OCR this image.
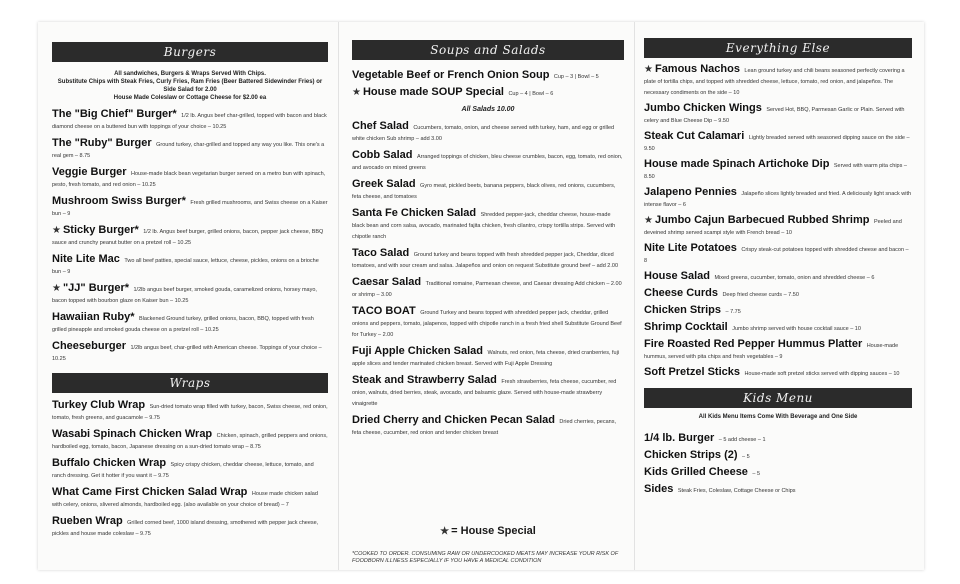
Burgers
All sandwiches, Burgers & Wraps Served With Chips.
Substitute Chips with Steak Fries, Curly Fries, Ram Fries (Beer Battered Sidewinder Fries) or Side Salad for 2.00
House Made Coleslaw or Cottage Cheese for $2.00 ea
The "Big Chief" Burger* 1/2 lb. Angus beef char-grilled, topped with bacon and black diamond cheese on a buttered bun with toppings of your choice – 10.25
The "Ruby" Burger Ground turkey, char-grilled and topped any way you like. This one's a real gem – 8.75
Veggie Burger House-made black bean vegetarian burger served on a metro bun with spinach, pesto, fresh tomato, and red onion – 10.25
Mushroom Swiss Burger* Fresh grilled mushrooms, and Swiss cheese on a Kaiser bun – 9
★ Sticky Burger* 1/2 lb. Angus beef burger, grilled onions, bacon, pepper jack cheese, BBQ sauce and crunchy peanut butter on a pretzel roll – 10.25
Nite Lite Mac Two all beef patties, special sauce, lettuce, cheese, pickles, onions on a brioche bun – 9
★ "JJ" Burger* 1/2lb angus beef burger, smoked gouda, caramelized onions, horsey mayo, bacon topped with bourbon glaze on Kaiser bun – 10.25
Hawaiian Ruby* Blackened Ground turkey, grilled onions, bacon, BBQ, topped with fresh grilled pineapple and smoked gouda cheese on a pretzel roll – 10.25
Cheeseburger 1/2lb angus beef, char-grilled with American cheese. Toppings of your choice – 10.25
Wraps
Turkey Club Wrap Sun-dried tomato wrap filled with turkey, bacon, Swiss cheese, red onion, tomato, fresh greens, and guacamole – 9.75
Wasabi Spinach Chicken Wrap Chicken, spinach, grilled peppers and onions, hardboiled egg, tomato, bacon, Japanese dressing on a sun-dried tomato wrap – 8.75
Buffalo Chicken Wrap Spicy crispy chicken, cheddar cheese, lettuce, tomato, and ranch dressing. Get it hotter if you want it – 9.75
What Came First Chicken Salad Wrap House made chicken salad with celery, onions, slivered almonds, hardboiled egg. (also available on your choice of bread) – 7
Rueben Wrap Grilled corned beef, 1000 island dressing, smothered with pepper jack cheese, pickles and house made coleslaw – 9.75
Soups and Salads
Vegetable Beef or French Onion Soup Cup – 3 | Bowl – 5
★ House made SOUP Special Cup – 4 | Bowl – 6
All Salads 10.00
Chef Salad Cucumbers, tomato, onion, and cheese served with turkey, ham, and egg or grilled white chicken Sub shrimp – add 3.00
Cobb Salad Arranged toppings of chicken, bleu cheese crumbles, bacon, egg, tomato, red onion, and avocado on mixed greens
Greek Salad Gyro meat, pickled beets, banana peppers, black olives, red onions, cucumbers, feta cheese, and tomatoes
Santa Fe Chicken Salad Shredded pepper-jack, cheddar cheese, house-made black bean and corn salsa, avocado, marinated fajita chicken, fresh cilantro, crispy tortilla strips. Served with chipotle ranch
Taco Salad Ground turkey and beans topped with fresh shredded pepper jack, Cheddar, diced tomatoes, and with sour cream and salsa. Jalapeños and onion on request Substitute ground beef – add 2.00
Caesar Salad Traditional romaine, Parmesan cheese, and Caesar dressing Add chicken – 2.00 or shrimp – 3.00
TACO BOAT Ground Turkey and beans topped with shredded pepper jack, cheddar, grilled onions and peppers, tomato, jalapenos, topped with chipotle ranch in a fresh fried shell Substitute Ground Beef for Turkey – 2.00
Fuji Apple Chicken Salad Walnuts, red onion, feta cheese, dried cranberries, fuji apple slices and tender marinated chicken breast. Served with Fuji Apple Dressing
Steak and Strawberry Salad Fresh strawberries, feta cheese, cucumber, red onion, walnuts, dried berries, steak, avocado, and balsamic glaze. Served with house-made strawberry vinaigrette
Dried Cherry and Chicken Pecan Salad Dried cherries, pecans, feta cheese, cucumber, red onion and tender chicken breast
★ = House Special
*COOKED TO ORDER. CONSUMING RAW OR UNDERCOOKED MEATS MAY INCREASE YOUR RISK OF FOODBORN ILLNESS ESPECIALLY IF YOU HAVE A MEDICAL CONDITION
Everything Else
★ Famous Nachos Lean ground turkey and chili beans seasoned perfectly covering a plate of tortilla chips, and topped with shredded cheese, lettuce, tomato, red onion, and jalapeños. The necessary condiments on the side – 10
Jumbo Chicken Wings Served Hot, BBQ, Parmesan Garlic or Plain. Served with celery and Blue Cheese Dip – 9.50
Steak Cut Calamari Lightly breaded served with seasoned dipping sauce on the side – 9.50
House made Spinach Artichoke Dip Served with warm pita chips – 8.50
Jalapeno Pennies Jalapeño slices lightly breaded and fried. A deliciously light snack with intense flavor – 6
★ Jumbo Cajun Barbecued Rubbed Shrimp Peeled and deveined shrimp served scampi style with French bread – 10
Nite Lite Potatoes Crispy steak-cut potatoes topped with shredded cheese and bacon – 8
House Salad Mixed greens, cucumber, tomato, onion and shredded cheese – 6
Cheese Curds Deep fried cheese curds – 7.50
Chicken Strips – 7.75
Shrimp Cocktail Jumbo shrimp served with house cocktail sauce – 10
Fire Roasted Red Pepper Hummus Platter House-made hummus, served with pita chips and fresh vegetables – 9
Soft Pretzel Sticks House-made soft pretzel sticks served with dipping sauces – 10
Kids Menu
All Kids Menu Items Come With Beverage and One Side
1/4 lb. Burger – 5 add cheese – 1
Chicken Strips (2) – 5
Kids Grilled Cheese – 5
Sides Steak Fries, Coleslaw, Cottage Cheese or Chips
